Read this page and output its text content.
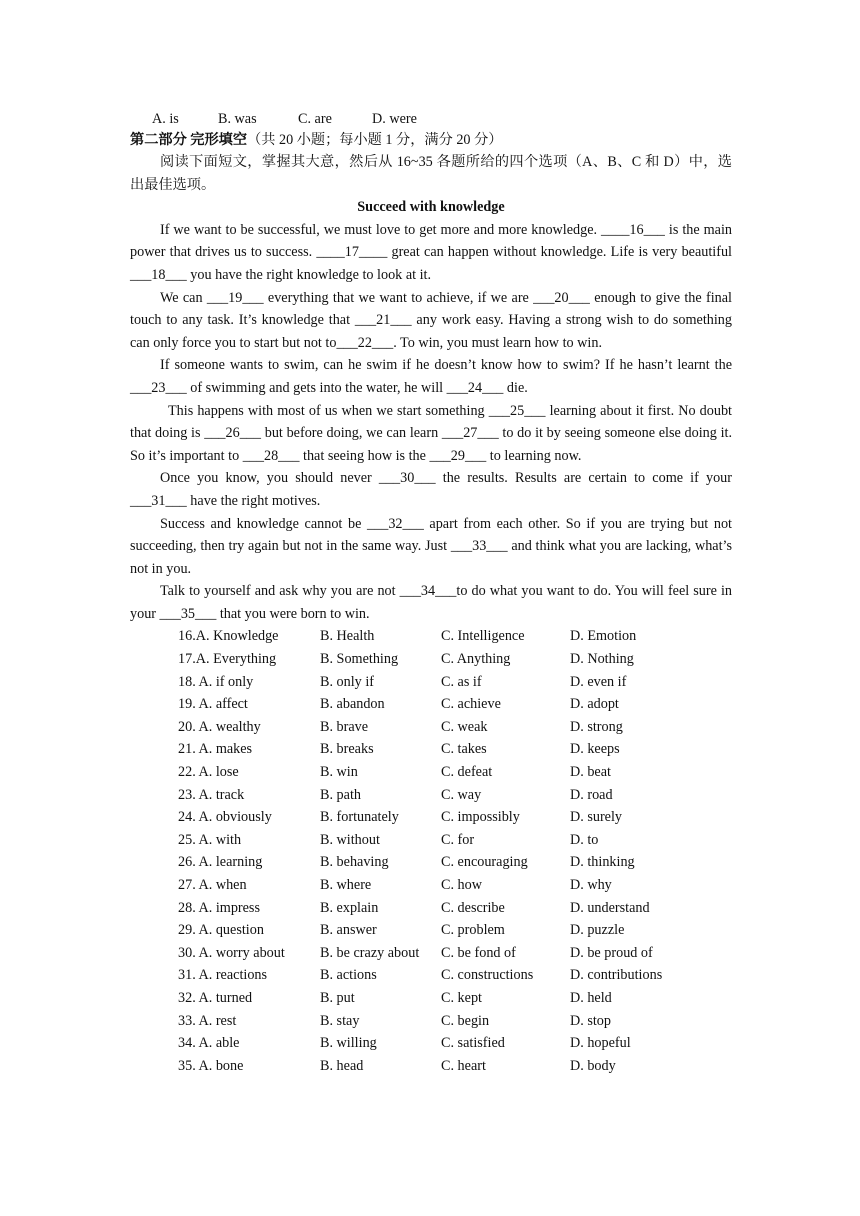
A. is	B. was	C. are	D. were
第二部分 完形填空（共 20 小题；每小题 1 分，满分 20 分）
阅读下面短文，掌握其大意，然后从 16~35 各题所给的四个选项（A、B、C 和 D）中，选出最佳选项。
Succeed with knowledge

If we want to be successful, we must love to get more and more knowledge. ____16___ is the main power that drives us to success. ____17____ great can happen without knowledge. Life is very beautiful ___18___ you have the right knowledge to look at it.

We can ___19___ everything that we want to achieve, if we are ___20___ enough to give the final touch to any task. It’s knowledge that ___21___ any work easy. Having a strong wish to do something can only force you to start but not to___22___. To win, you must learn how to win.

If someone wants to swim, can he swim if he doesn’t know how to swim? If he hasn’t learnt the ___23___ of swimming and gets into the water, he will ___24___ die.

This happens with most of us when we start something ___25___ learning about it first. No doubt that doing is ___26___ but before doing, we can learn ___27___ to do it by seeing someone else doing it. So it’s important to ___28___ that seeing how is the ___29___ to learning now.

Once you know, you should never ___30___ the results. Results are certain to come if your ___31___ have the right motives.

Success and knowledge cannot be ___32___ apart from each other. So if you are trying but not succeeding, then try again but not in the same way. Just ___33___ and think what you are lacking, what’s not in you.

Talk to yourself and ask why you are not ___34___to do what you want to do. You will feel sure in your ___35___ that you were born to win.

16.A. Knowledge	B. Health	C. Intelligence	D. Emotion
17.A. Everything	B. Something	C. Anything	D. Nothing
18. A. if only	B. only if	C. as if	D. even if
19. A. affect	B. abandon	C. achieve	D. adopt
20. A. wealthy	B. brave	C. weak	D. strong
21. A. makes	B. breaks	C. takes	D. keeps
22. A. lose	B. win	C. defeat	D. beat
23. A. track	B. path	C. way	D. road
24. A. obviously	B. fortunately	C. impossibly	D. surely
25. A. with	B. without	C. for	D. to
26. A. learning	B. behaving	C. encouraging	D. thinking
27. A. when	B. where	C. how	D. why
28. A. impress	B. explain	C. describe	D. understand
29. A. question	B. answer	C. problem	D. puzzle
30. A. worry about	B. be crazy about	C. be fond of	D. be proud of
31. A. reactions	B. actions	C. constructions	D. contributions
32. A. turned	B. put	C. kept	D. held
33. A. rest	B. stay	C. begin	D. stop
34. A. able	B. willing	C. satisfied	D. hopeful
35. A. bone	B. head	C. heart	D. body
